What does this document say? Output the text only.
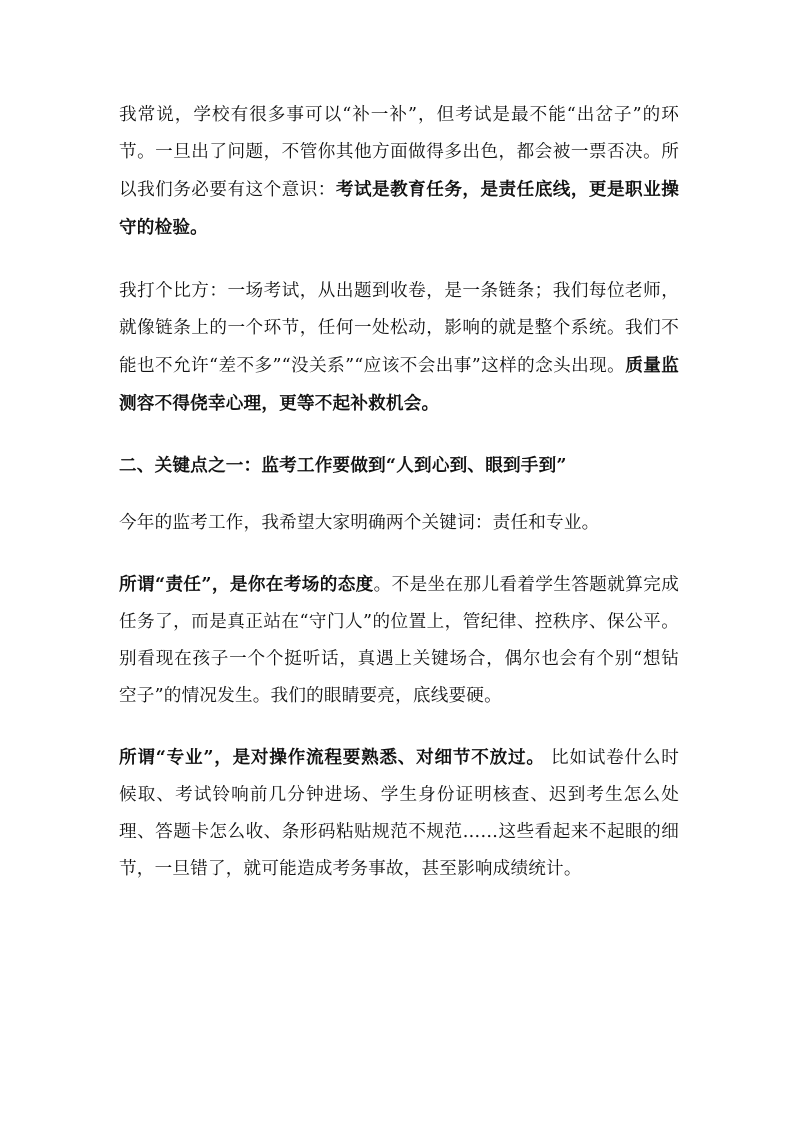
我常说，学校有很多事可以“补一补”，但考试是最不能“出岔子”的环节。一旦出了问题，不管你其他方面做得多出色，都会被一票否决。所以我们务必要有这个意识：考试是教育任务，是责任底线，更是职业操守的检验。

我打个比方：一场考试，从出题到收卷，是一条链条；我们每位老师，就像链条上的一个环节，任何一处松动，影响的就是整个系统。我们不能也不允许“差不多”“没关系”“应该不会出事”这样的念头出现。质量监测容不得侥幸心理，更等不起补救机会。

二、关键点之一：监考工作要做到“人到心到、眼到手到”

今年的监考工作，我希望大家明确两个关键词：责任和专业。

所谓“责任”，是你在考场的态度。不是坐在那儿看着学生答题就算完成任务了，而是真正站在“守门人”的位置上，管纪律、控秩序、保公平。别看现在孩子一个个挺听话，真遇上关键场合，偶尔也会有个别“想钻空子”的情况发生。我们的眼睛要亮，底线要硬。

所谓“专业”，是对操作流程要熟悉、对细节不放过。 比如试卷什么时候取、考试铃响前几分钟进场、学生身份证明核查、迟到考生怎么处理、答题卡怎么收、条形码粘贴规范不规范……这些看起来不起眼的细节，一旦错了，就可能造成考务事故，甚至影响成绩统计。
